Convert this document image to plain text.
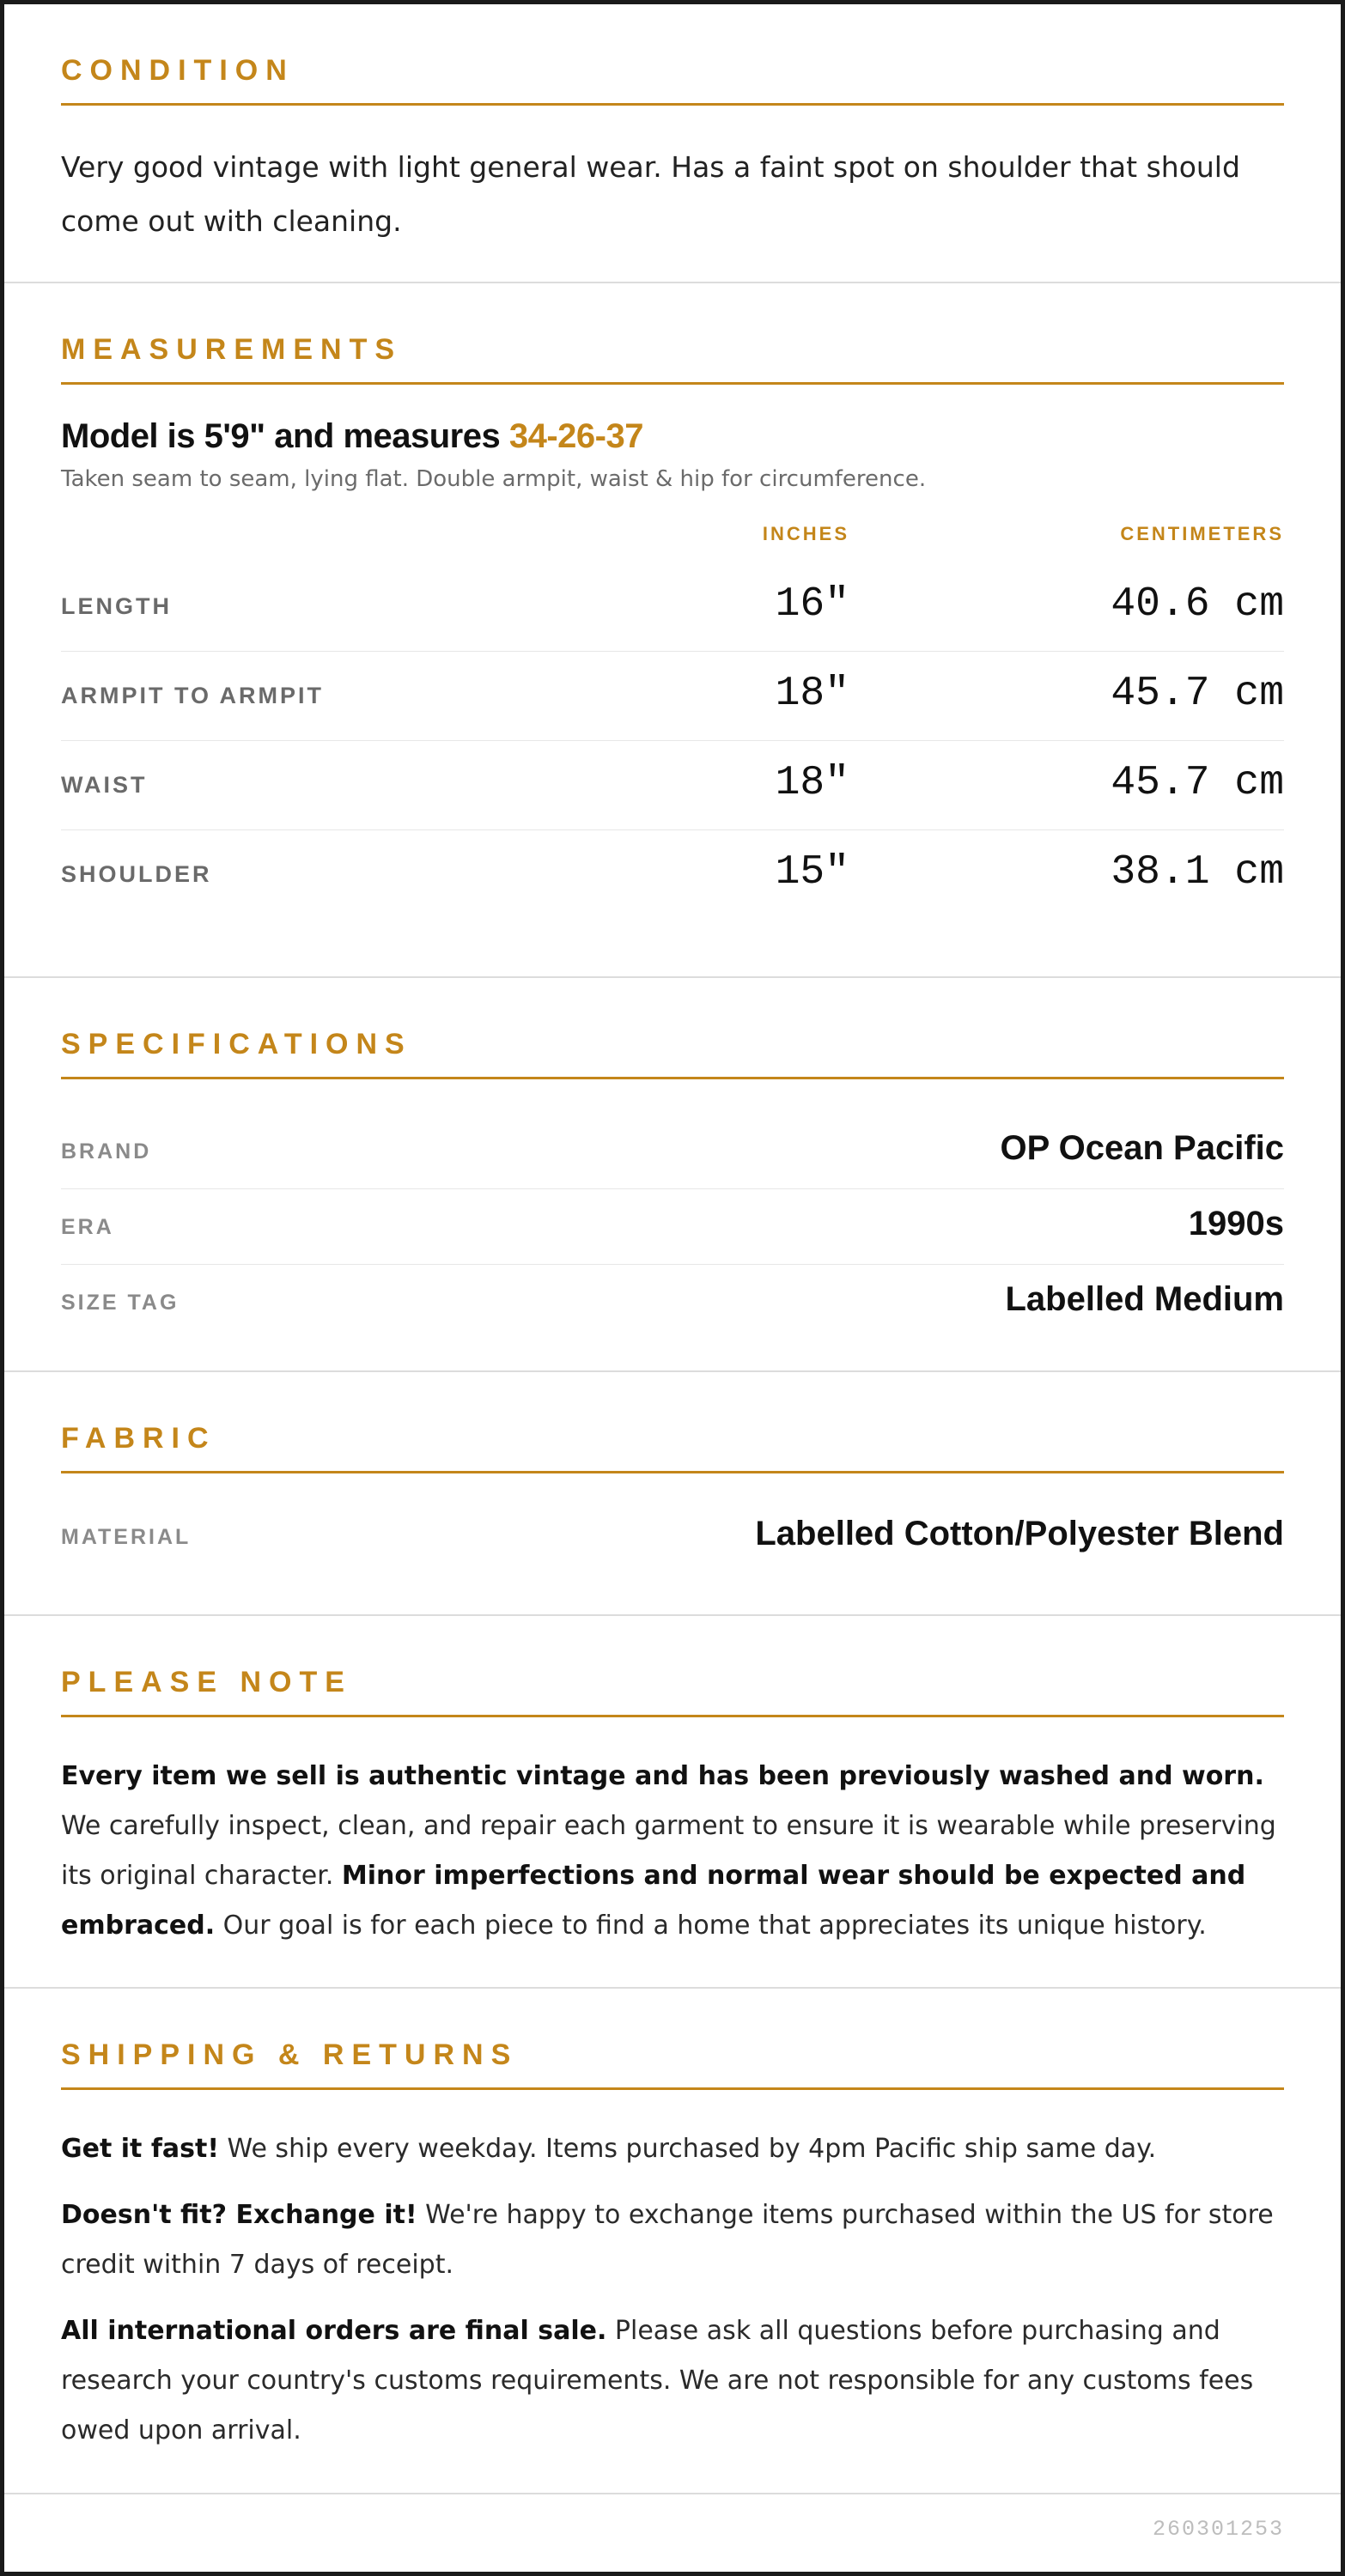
CONDITION

Very good vintage with light general wear. Has a faint spot on shoulder that should come out with cleaning.

MEASUREMENTS
Model is 5'9" and measures 34-26-37

Taken seam to seam, lying flat. Double armpit, waist & hip for circumference.

INCHES	CENTIMETERS
LENGTH	16"	40.6 cm
ARMPIT TO ARMPIT	18"	45.7 cm
WAIST	18"	45.7 cm
SHOULDER	15"	38.1 cm
SPECIFICATIONS
BRAND	OP Ocean Pacific
ERA	1990s
SIZE TAG	Labelled Medium
FABRIC
MATERIAL	Labelled Cotton/Polyester Blend
PLEASE NOTE

Every item we sell is authentic vintage and has been previously washed and worn. We carefully inspect, clean, and repair each garment to ensure it is wearable while preserving its original character. Minor imperfections and normal wear should be expected and embraced. Our goal is for each piece to find a home that appreciates its unique history.

SHIPPING & RETURNS

Get it fast! We ship every weekday. Items purchased by 4pm Pacific ship same day.

Doesn't fit? Exchange it! We're happy to exchange items purchased within the US for store credit within 7 days of receipt.

All international orders are final sale. Please ask all questions before purchasing and research your country's customs requirements. We are not responsible for any customs fees owed upon arrival.

260301253
